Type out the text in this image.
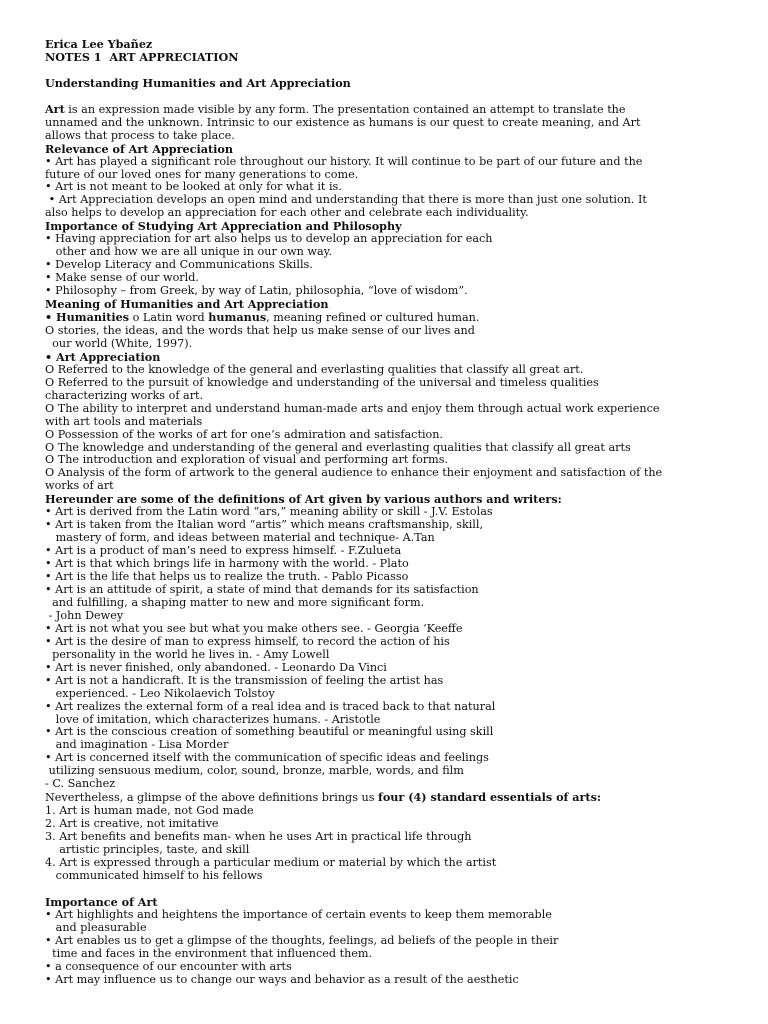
Erica Lee Ybañez
NOTES 1  ART APPRECIATION
Understanding Humanities and Art Appreciation
Art is an expression made visible by any form. The presentation contained an attempt to translate the
unnamed and the unknown. Intrinsic to our existence as humans is our quest to create meaning, and Art
allows that process to take place.
Relevance of Art Appreciation
• Art has played a significant role throughout our history. It will continue to be part of our future and the
future of our loved ones for many generations to come.
• Art is not meant to be looked at only for what it is.
• Art Appreciation develops an open mind and understanding that there is more than just one solution. It
also helps to develop an appreciation for each other and celebrate each individuality.
Importance of Studying Art Appreciation and Philosophy
• Having appreciation for art also helps us to develop an appreciation for each
other and how we are all unique in our own way.
• Develop Literacy and Communications Skills.
• Make sense of our world.
• Philosophy – from Greek, by way of Latin, philosophia, “love of wisdom”.
Meaning of Humanities and Art Appreciation
• Humanities o Latin word humanus, meaning refined or cultured human.
O stories, the ideas, and the words that help us make sense of our lives and
our world (White, 1997).
• Art Appreciation
O Referred to the knowledge of the general and everlasting qualities that classify all great art.
O Referred to the pursuit of knowledge and understanding of the universal and timeless qualities
characterizing works of art.
O The ability to interpret and understand human-made arts and enjoy them through actual work experience
with art tools and materials
O Possession of the works of art for one’s admiration and satisfaction.
O The knowledge and understanding of the general and everlasting qualities that classify all great arts
O The introduction and exploration of visual and performing art forms.
O Analysis of the form of artwork to the general audience to enhance their enjoyment and satisfaction of the
works of art
Hereunder are some of the definitions of Art given by various authors and writers:
• Art is derived from the Latin word “ars,” meaning ability or skill - J.V. Estolas
• Art is taken from the Italian word “artis” which means craftsmanship, skill,
mastery of form, and ideas between material and technique- A.Tan
• Art is a product of man’s need to express himself. - F.Zulueta
• Art is that which brings life in harmony with the world. - Plato
• Art is the life that helps us to realize the truth. - Pablo Picasso
• Art is an attitude of spirit, a state of mind that demands for its satisfaction
and fulfilling, a shaping matter to new and more significant form.
- John Dewey
• Art is not what you see but what you make others see. - Georgia ‘Keeffe
• Art is the desire of man to express himself, to record the action of his
personality in the world he lives in. - Amy Lowell
• Art is never finished, only abandoned. - Leonardo Da Vinci
• Art is not a handicraft. It is the transmission of feeling the artist has
experienced. - Leo Nikolaevich Tolstoy
• Art realizes the external form of a real idea and is traced back to that natural
love of imitation, which characterizes humans. - Aristotle
• Art is the conscious creation of something beautiful or meaningful using skill
and imagination - Lisa Morder
• Art is concerned itself with the communication of specific ideas and feelings
utilizing sensuous medium, color, sound, bronze, marble, words, and film
- C. Sanchez
Nevertheless, a glimpse of the above definitions brings us four (4) standard essentials of arts:
1. Art is human made, not God made
2. Art is creative, not imitative
3. Art benefits and benefits man- when he uses Art in practical life through
artistic principles, taste, and skill
4. Art is expressed through a particular medium or material by which the artist
communicated himself to his fellows
Importance of Art
• Art highlights and heightens the importance of certain events to keep them memorable
and pleasurable
• Art enables us to get a glimpse of the thoughts, feelings, ad beliefs of the people in their
time and faces in the environment that influenced them.
• a consequence of our encounter with arts
• Art may influence us to change our ways and behavior as a result of the aesthetic
